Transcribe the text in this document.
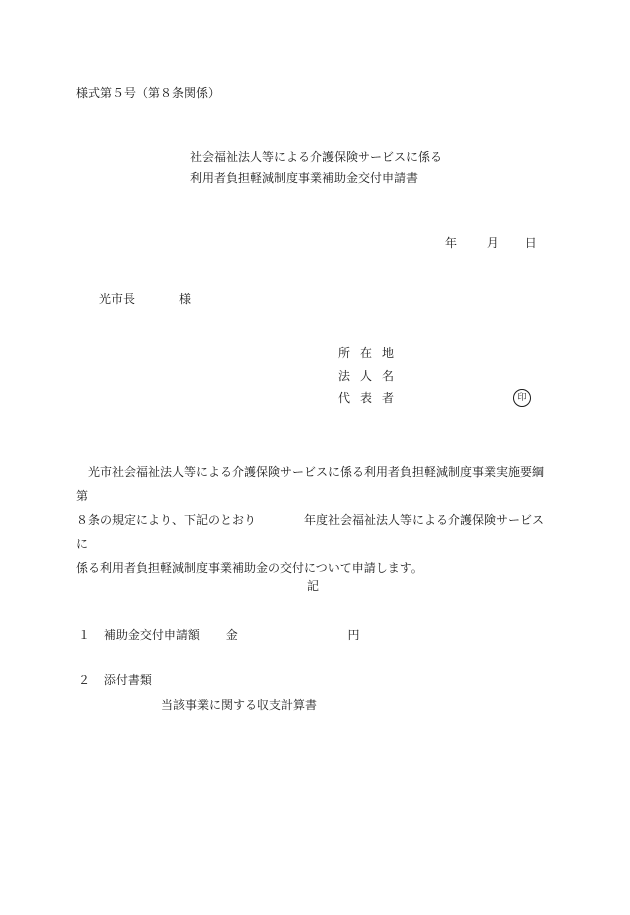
様式第５号（第８条関係）

社会福祉法人等による介護保険サービスに係る

利用者負担軽減制度事業補助金交付申請書

年 月 日

光市長	様

所在地
法人名
代表者	印

光市社会福祉法人等による介護保険サービスに係る利用者負担軽減制度事業実施要綱第
８条の規定により、下記のとおり　　　　年度社会福祉法人等による介護保険サービスに
係る利用者負担軽減制度事業補助金の交付について申請します。

記

１ 補助金交付申請額 金	円

２ 添付書類

当該事業に関する収支計算書
